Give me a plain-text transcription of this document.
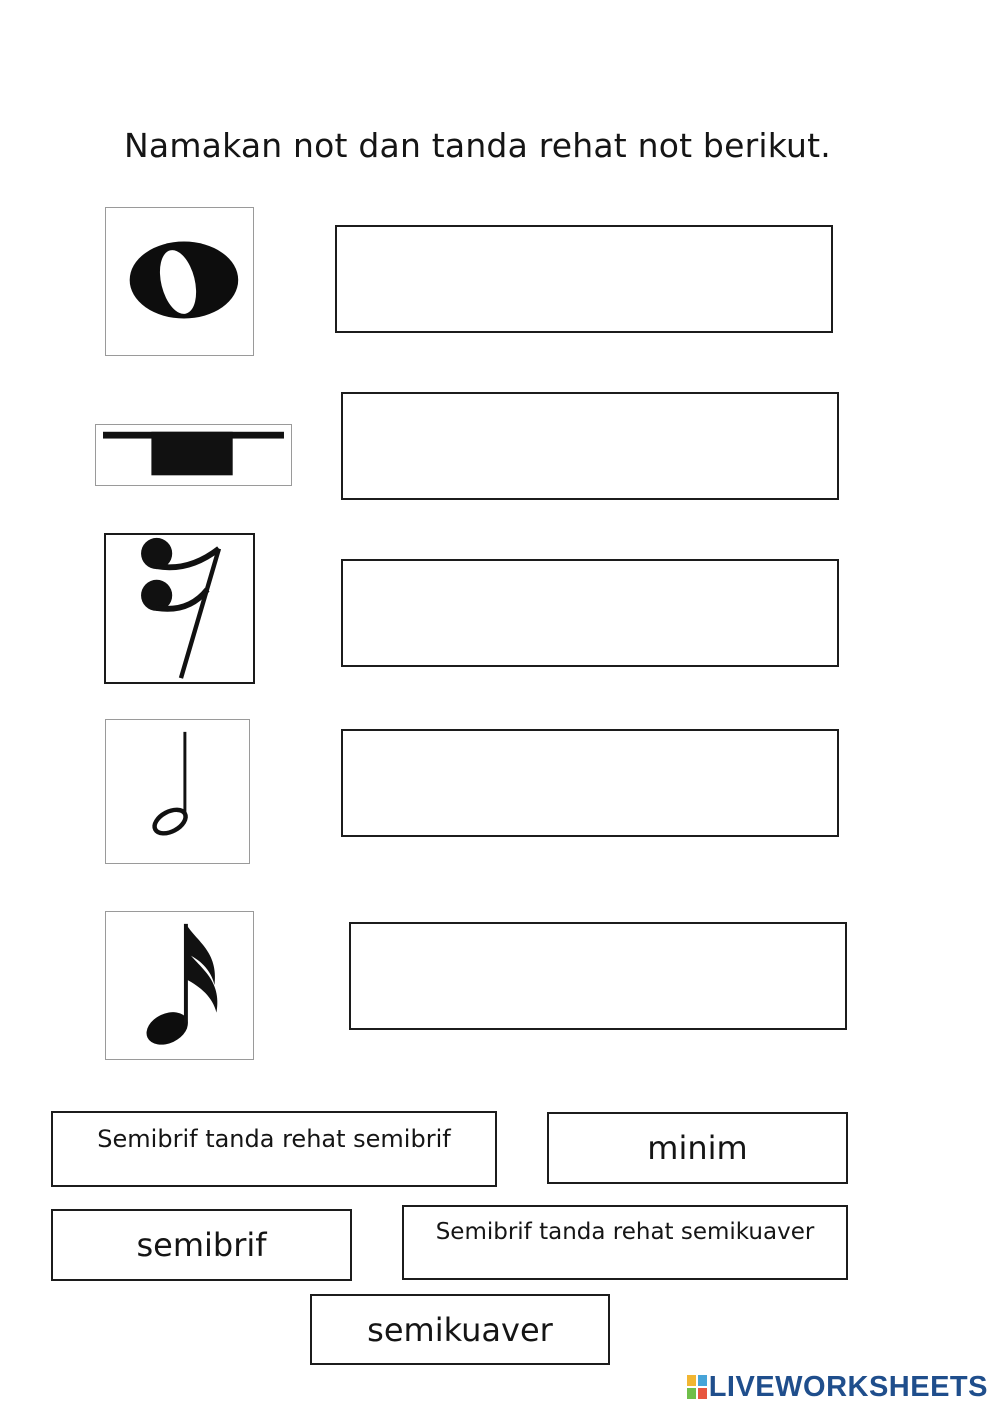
Namakan not dan tanda rehat not berikut.
Semibrif tanda rehat semibrif	minim
semibrif	Semibrif tanda rehat semikuaver
semikuaver
LIVEWORKSHEETS
